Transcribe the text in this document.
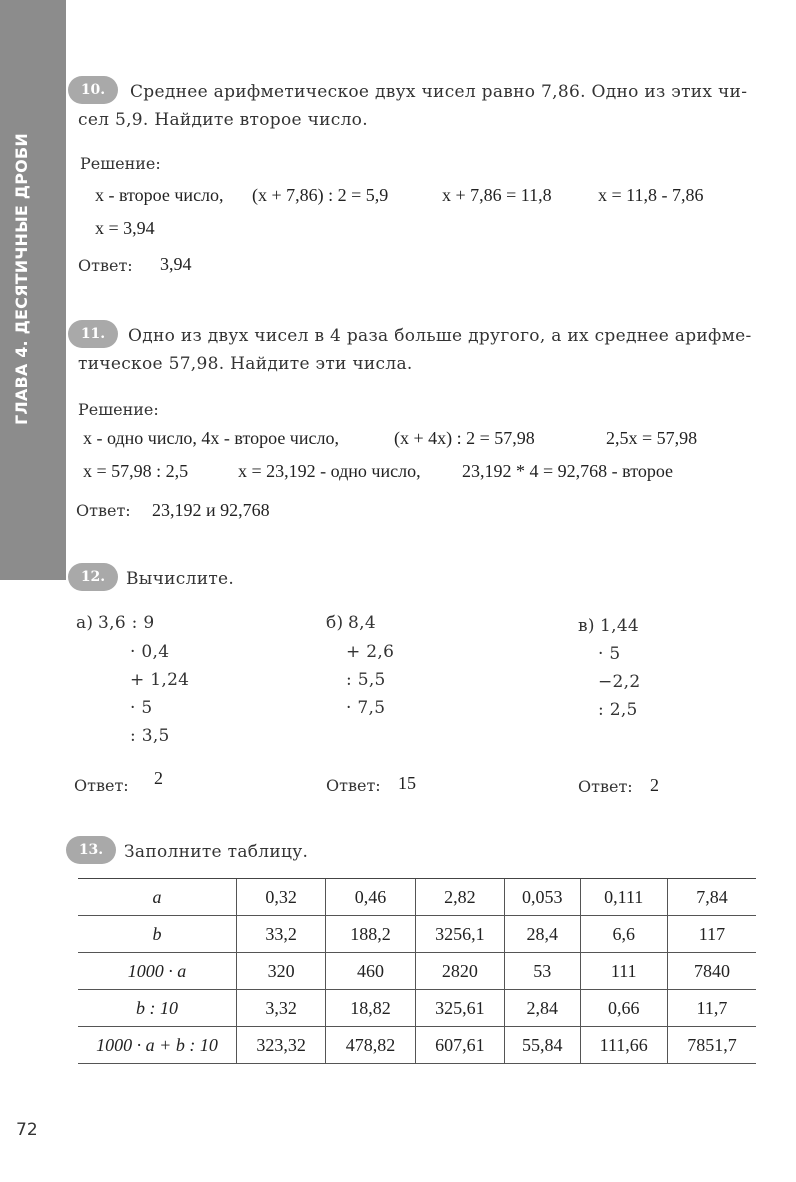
ГЛАВА 4. ДЕСЯТИЧНЫЕ ДРОБИ
10.	Среднее арифметическое двух чисел равно 7,86. Одно из этих чи-
сел 5,9. Найдите второе число.
Решение:
х - второе число, (х + 7,86) : 2 = 5,9	х + 7,86 = 11,8	х = 11,8 - 7,86
х = 3,94
Ответ: 3,94
11.	Одно из двух чисел в 4 раза больше другого, а их среднее арифме-
тическое 57,98. Найдите эти числа.
Решение:
х - одно число, 4х - второе число,	(х + 4х) : 2 = 57,98	2,5х = 57,98
х = 57,98 : 2,5	х = 23,192 - одно число, 23,192 * 4 = 92,768 - второе
Ответ: 23,192 и 92,768
12.	Вычислите.
а) 3,6 : 9
· 0,4
+ 1,24
· 5
: 3,5
Ответ: 2
б) 8,4
+ 2,6
: 5,5
· 7,5
Ответ: 15
в) 1,44
· 5
−2,2
: 2,5
Ответ: 2
13.	Заполните таблицу.
a	0,32	0,46	2,82	0,053	0,111	7,84
b	33,2	188,2	3256,1	28,4	6,6	117
1000 · a	320	460	2820	53	111	7840
b : 10	3,32	18,82	325,61	2,84	0,66	11,7
1000 · a + b : 10	323,32	478,82	607,61	55,84	111,66	7851,7
72
